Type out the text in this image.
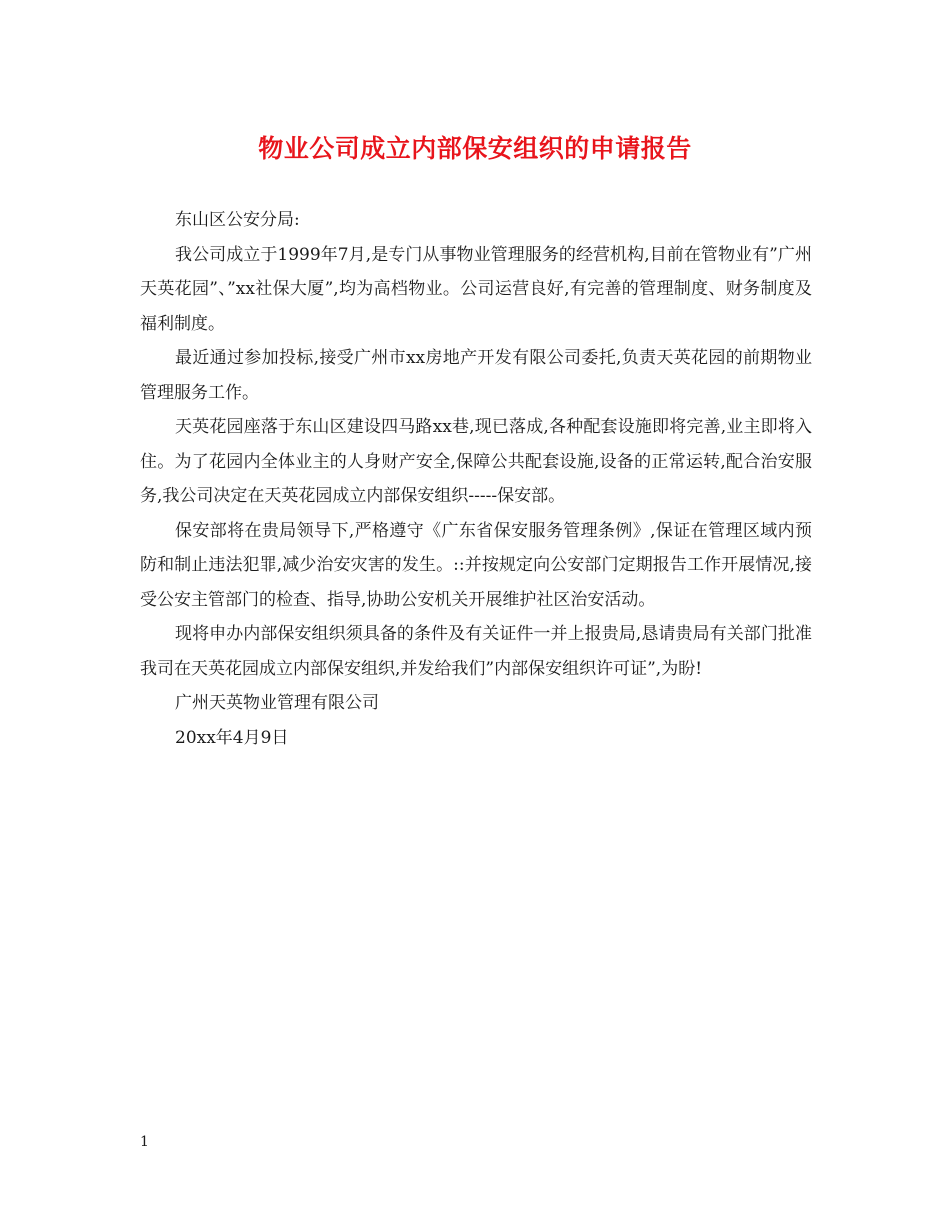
物业公司成立内部保安组织的申请报告

东山区公安分局:

我公司成立于1999年7月,是专门从事物业管理服务的经营机构,目前在管物业有”广州天英花园”、”xx社保大厦”,均为高档物业。公司运营良好,有完善的管理制度、财务制度及福利制度。

最近通过参加投标,接受广州市xx房地产开发有限公司委托,负责天英花园的前期物业管理服务工作。

天英花园座落于东山区建设四马路xx巷,现已落成,各种配套设施即将完善,业主即将入住。为了花园内全体业主的人身财产安全,保障公共配套设施,设备的正常运转,配合治安服务,我公司决定在天英花园成立内部保安组织-----保安部。

保安部将在贵局领导下,严格遵守《广东省保安服务管理条例》,保证在管理区域内预防和制止违法犯罪,减少治安灾害的发生。::并按规定向公安部门定期报告工作开展情况,接受公安主管部门的检查、指导,协助公安机关开展维护社区治安活动。

现将申办内部保安组织须具备的条件及有关证件一并上报贵局,恳请贵局有关部门批准我司在天英花园成立内部保安组织,并发给我们”内部保安组织许可证”,为盼!

广州天英物业管理有限公司

20xx年4月9日

1
